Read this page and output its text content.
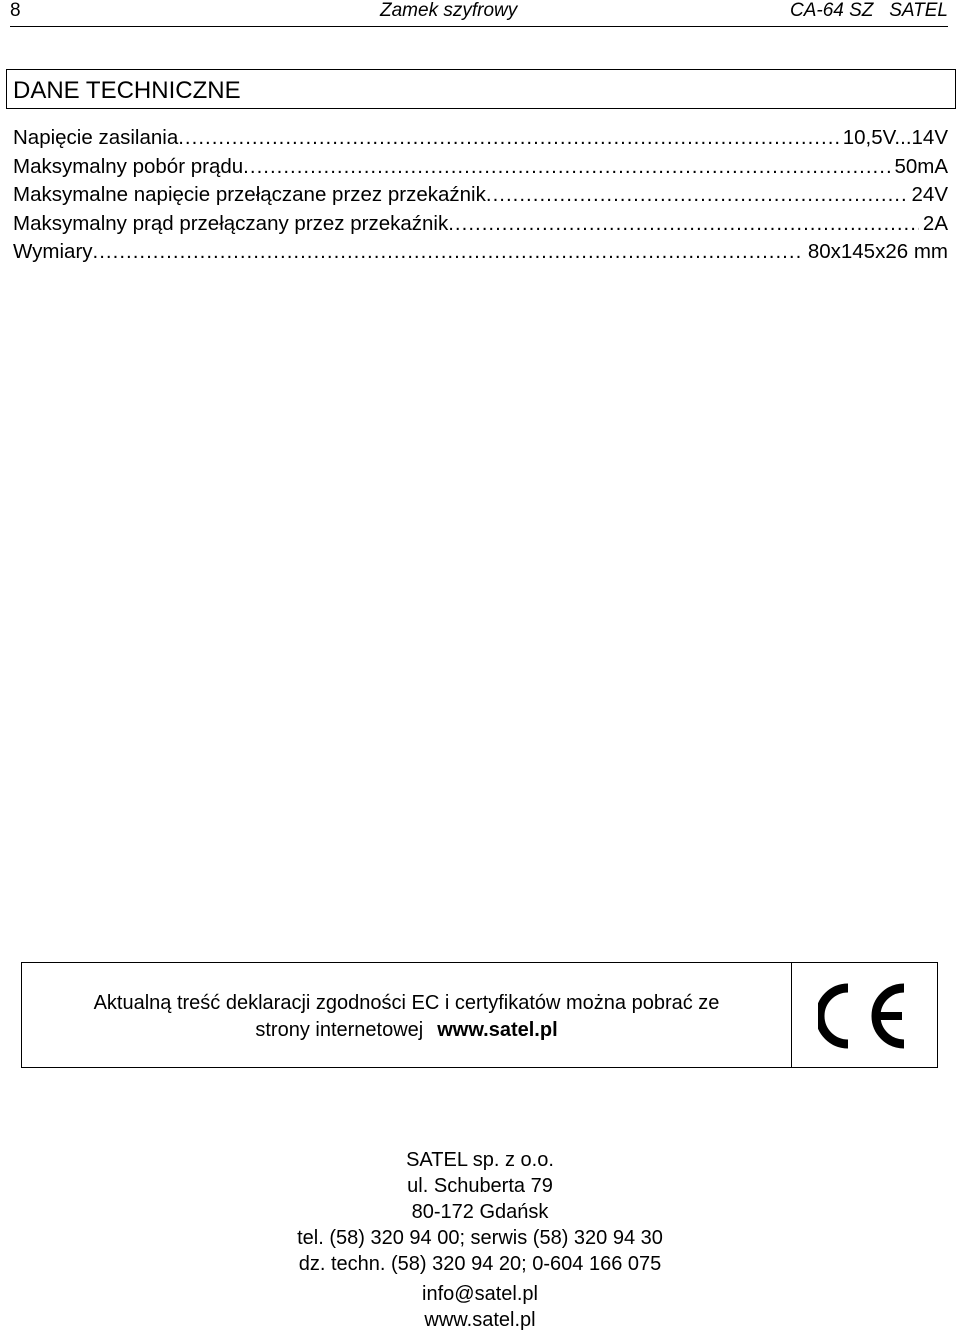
8	Zamek szyfrowy	CA-64 SZ   SATEL
DANE TECHNICZNE
Napięcie zasilania .....	10,5V...14V
Maksymalny pobór prądu .....	50mA
Maksymalne napięcie przełączane przez przekaźnik .....	24V
Maksymalny prąd przełączany przez przekaźnik .....	2A
Wymiary .....	80x145x26 mm
Aktualną treść deklaracji zgodności EC i certyfikatów można pobrać ze
strony internetowej www.satel.pl
SATEL sp. z o.o.
ul. Schuberta 79
80-172 Gdańsk
tel. (58) 320 94 00; serwis (58) 320 94 30
dz. techn. (58) 320 94 20; 0-604 166 075
info@satel.pl
www.satel.pl
